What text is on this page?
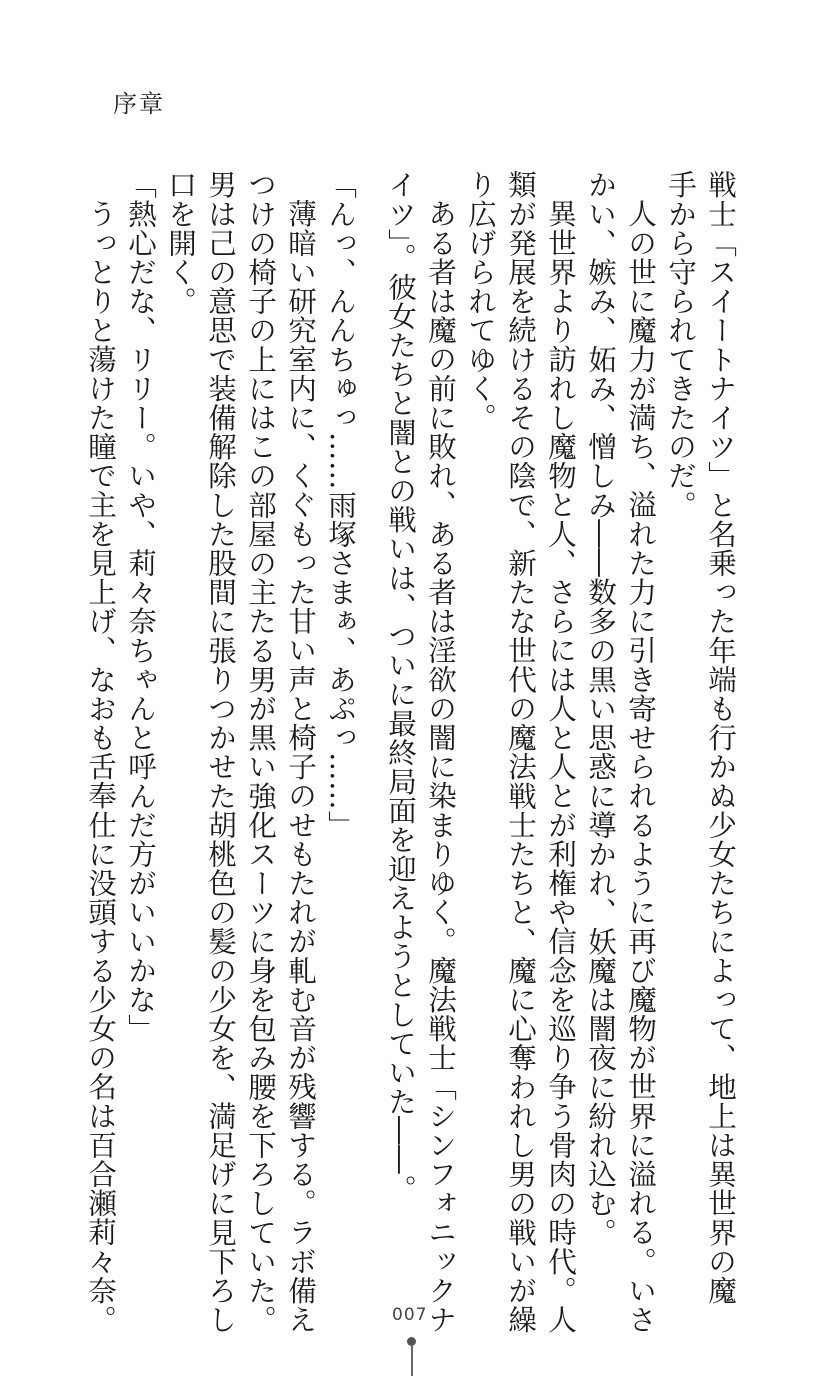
序章
戦士「スイートナイツ」と名乗った年端も行かぬ少女たちによって、地上は異世界の魔
手から守られてきたのだ。
人の世に魔力が満ち、溢れた力に引き寄せられるように再び魔物が世界に溢れる。いさ
かい、嫉み、妬み、憎しみ――数多の黒い思惑に導かれ、妖魔は闇夜に紛れ込む。
異世界より訪れし魔物と人、さらには人と人とが利権や信念を巡り争う骨肉の時代。人
類が発展を続けるその陰で、新たな世代の魔法戦士たちと、魔に心奪われし男の戦いが繰
り広げられてゆく。
ある者は魔の前に敗れ、ある者は淫欲の闇に染まりゆく。魔法戦士「シンフォニックナ
イツ」。彼女たちと闇との戦いは、ついに最終局面を迎えようとしていた――。
「んっ、んんちゅっ……雨塚さまぁ、あぷっ……」
薄暗い研究室内に、くぐもった甘い声と椅子のせもたれが軋む音が残響する。ラボ備え
つけの椅子の上にはこの部屋の主たる男が黒い強化スーツに身を包み腰を下ろしていた。
男は己の意思で装備解除した股間に張りつかせた胡桃色の髪の少女を、満足げに見下ろし
口を開く。
「熱心だな、リリー。いや、莉々奈ちゃんと呼んだ方がいいかな」
うっとりと蕩けた瞳で主を見上げ、なおも舌奉仕に没頭する少女の名は百合瀬莉々奈。	007
